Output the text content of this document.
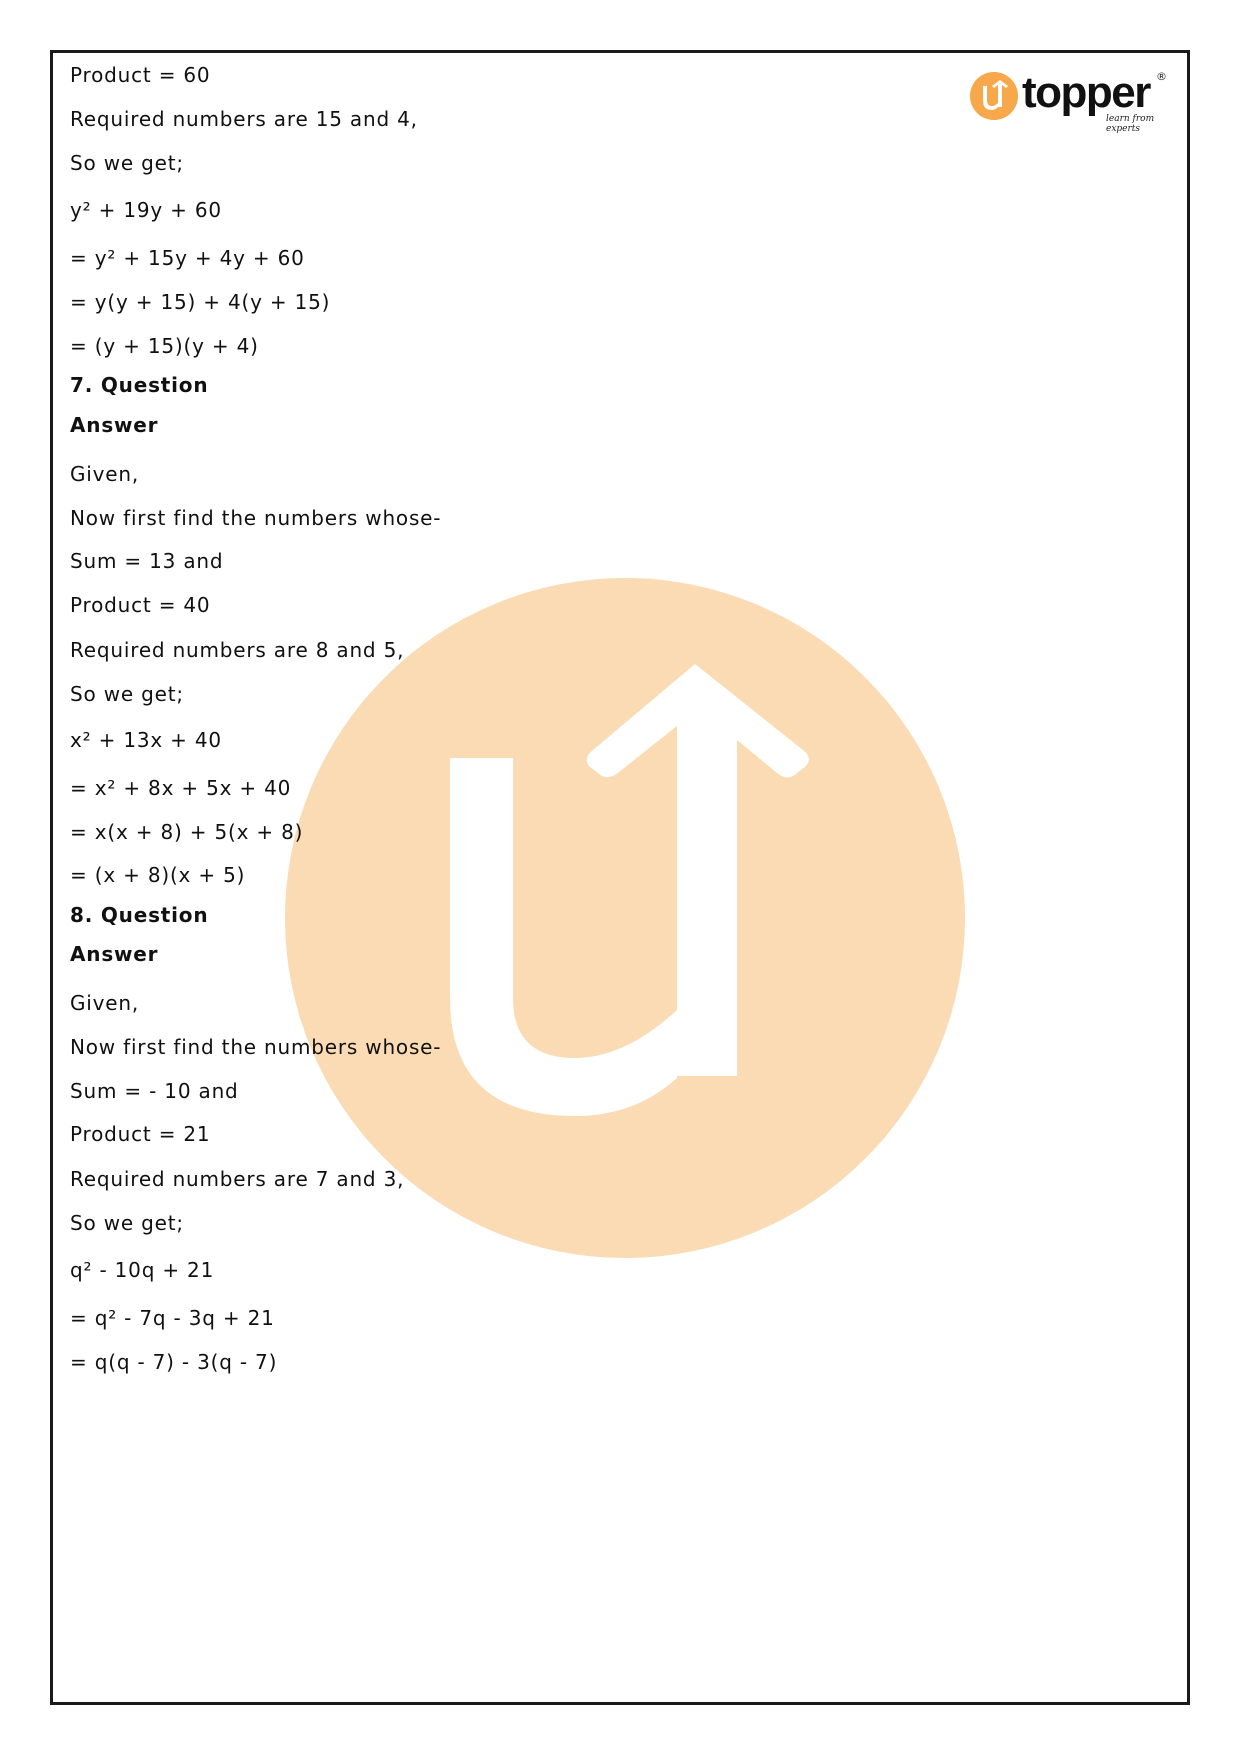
topper ®
learn from experts
Product = 60
Required numbers are 15 and 4,
So we get;
y² + 19y + 60
= y² + 15y + 4y + 60
= y(y + 15) + 4(y + 15)
= (y + 15)(y + 4)
7. Question
Answer
Given,
Now first find the numbers whose-
Sum = 13 and
Product = 40
Required numbers are 8 and 5,
So we get;
x² + 13x + 40
= x² + 8x + 5x + 40
= x(x + 8) + 5(x + 8)
= (x + 8)(x + 5)
8. Question
Answer
Given,
Now first find the numbers whose-
Sum = - 10 and
Product = 21
Required numbers are 7 and 3,
So we get;
q² - 10q + 21
= q² - 7q - 3q + 21
= q(q - 7) - 3(q - 7)
